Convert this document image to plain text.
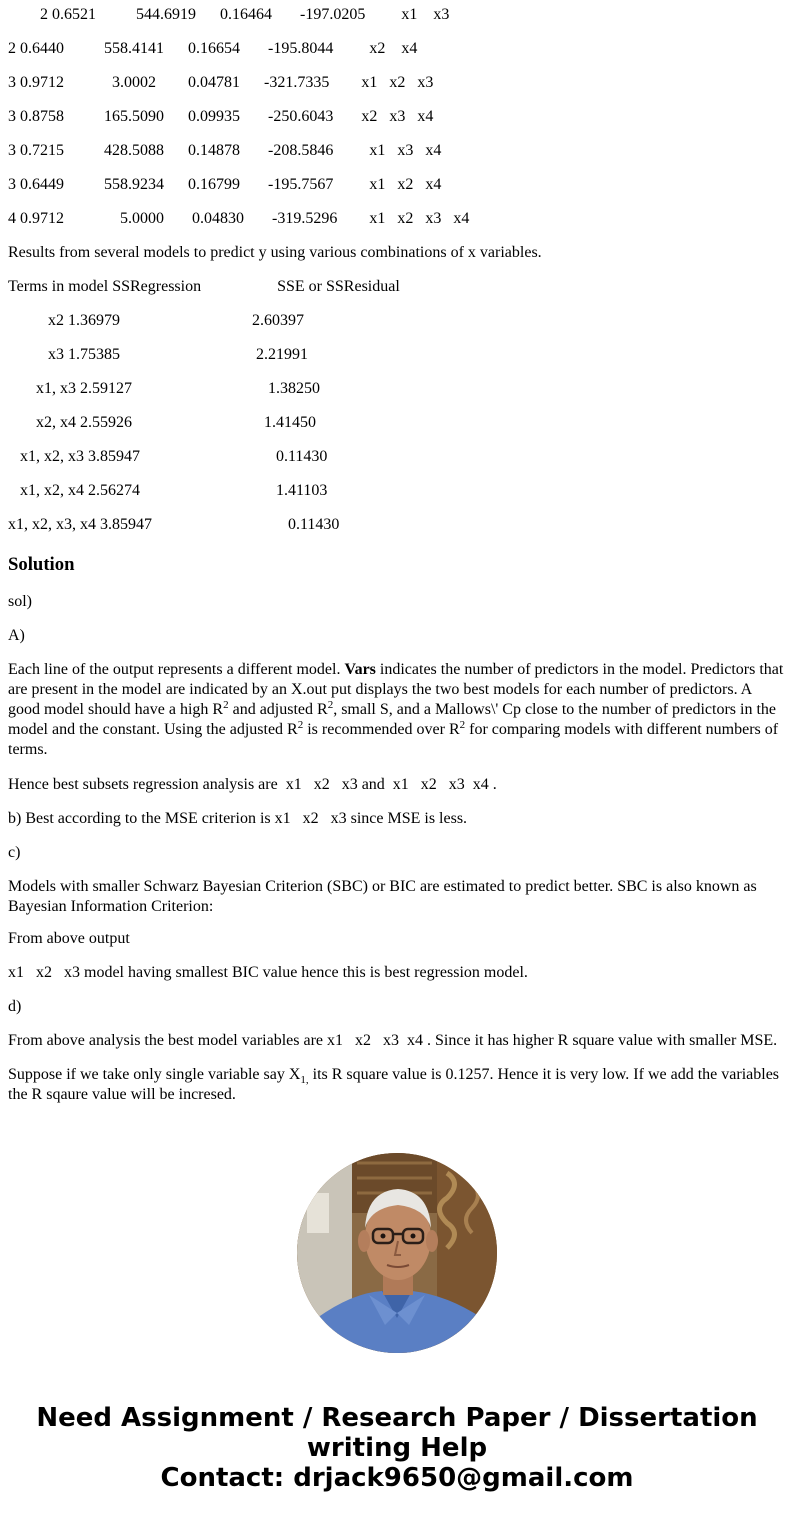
2 0.6521          544.6919      0.16464       -197.0205         x1    x3
2 0.6440          558.4141      0.16654       -195.8044         x2    x4
3 0.9712            3.0002        0.04781      -321.7335        x1   x2   x3
3 0.8758          165.5090      0.09935       -250.6043       x2   x3   x4
3 0.7215          428.5088      0.14878       -208.5846         x1   x3   x4
3 0.6449          558.9234      0.16799       -195.7567         x1   x2   x4
4 0.9712              5.0000       0.04830       -319.5296        x1   x2   x3   x4
Results from several models to predict y using various combinations of x variables.
Terms in model SSRegression                   SSE or SSResidual
x2 1.36979                                 2.60397
x3 1.75385                                  2.21991
x1, x3 2.59127                                  1.38250
x2, x4 2.55926                                 1.41450
x1, x2, x3 3.85947                                  0.11430
x1, x2, x4 2.56274                                  1.41103
x1, x2, x3, x4 3.85947                                  0.11430
Solution
sol)
A)
Each line of the output represents a different model. Vars indicates the number of predictors in the model. Predictors that are present in the model are indicated by an X.out put displays the two best models for each number of predictors. A good model should have a high $R^2$ and adjusted $R^2$, small S, and a Mallows\' Cp close to the number of predictors in the model and the constant. Using the adjusted $R^2$ is recommended over $R^2$ for comparing models with different numbers of terms.
Hence best subsets regression analysis are  x1   x2   x3 and  x1   x2   x3  x4 .
b) Best according to the MSE criterion is x1   x2   x3 since MSE is less.
c)
Models with smaller Schwarz Bayesian Criterion (SBC) or BIC are estimated to predict better. SBC is also known as Bayesian Information Criterion:
From above output
x1   x2   x3 model having smallest BIC value hence this is best regression model.
d)
From above analysis the best model variables are x1   x2   x3  x4 . Since it has higher R square value with smaller MSE.
Suppose if we take only single variable say $X_{1,}$ its R square value is 0.1257. Hence it is very low. If we add the variables the R sqaure value will be incresed.
Need Assignment / Research Paper / Dissertation
writing Help
Contact: drjack9650@gmail.com
